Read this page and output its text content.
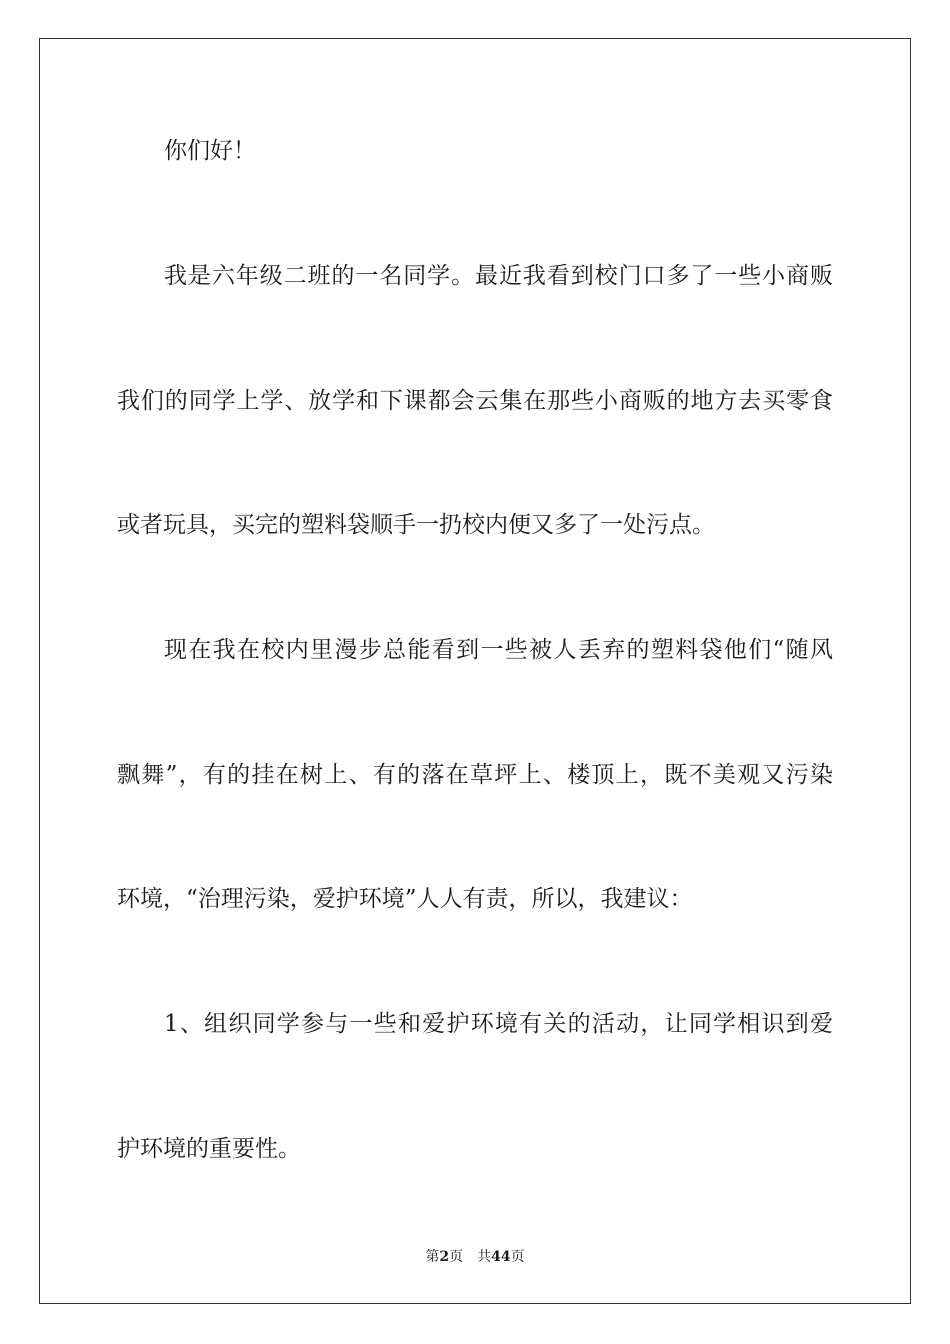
你们好！

我是六年级二班的一名同学。最近我看到校门口多了一些小商贩

我们的同学上学、放学和下课都会云集在那些小商贩的地方去买零食

或者玩具，买完的塑料袋顺手一扔校内便又多了一处污点。

现在我在校内里漫步总能看到一些被人丢弃的塑料袋他们“随风

飘舞”，有的挂在树上、有的落在草坪上、楼顶上，既不美观又污染

环境，“治理污染，爱护环境”人人有责，所以，我建议：

1、组织同学参与一些和爱护环境有关的活动，让同学相识到爱

护环境的重要性。

第2页 共44页
